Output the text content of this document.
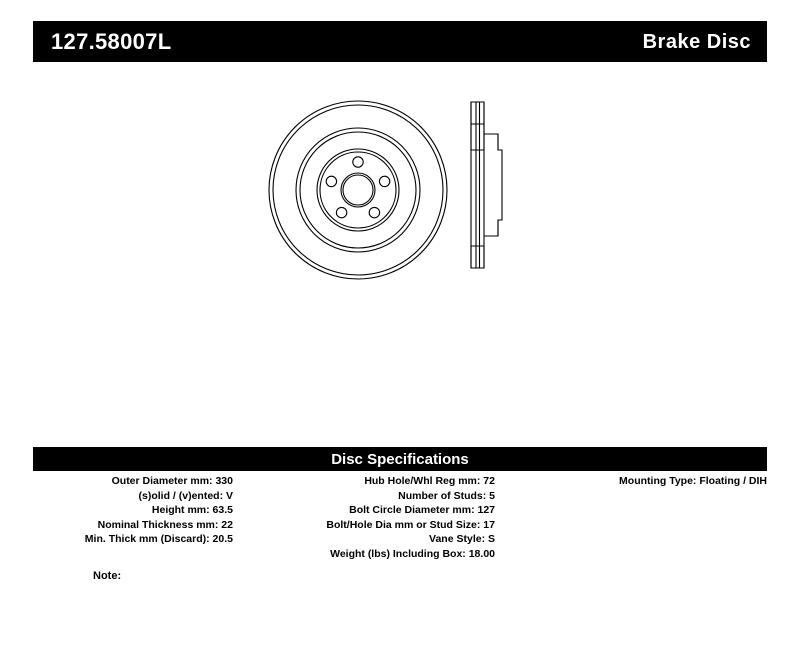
127.58007L	Brake Disc
Disc Specifications
Outer Diameter mm: 330
(s)olid / (v)ented: V
Height mm: 63.5
Nominal Thickness mm: 22
Min. Thick mm (Discard): 20.5
Hub Hole/Whl Reg mm: 72
Number of Studs: 5
Bolt Circle Diameter mm: 127
Bolt/Hole Dia mm or Stud Size: 17
Vane Style: S
Weight (lbs) Including Box: 18.00
Mounting Type: Floating / DIH
Note:
